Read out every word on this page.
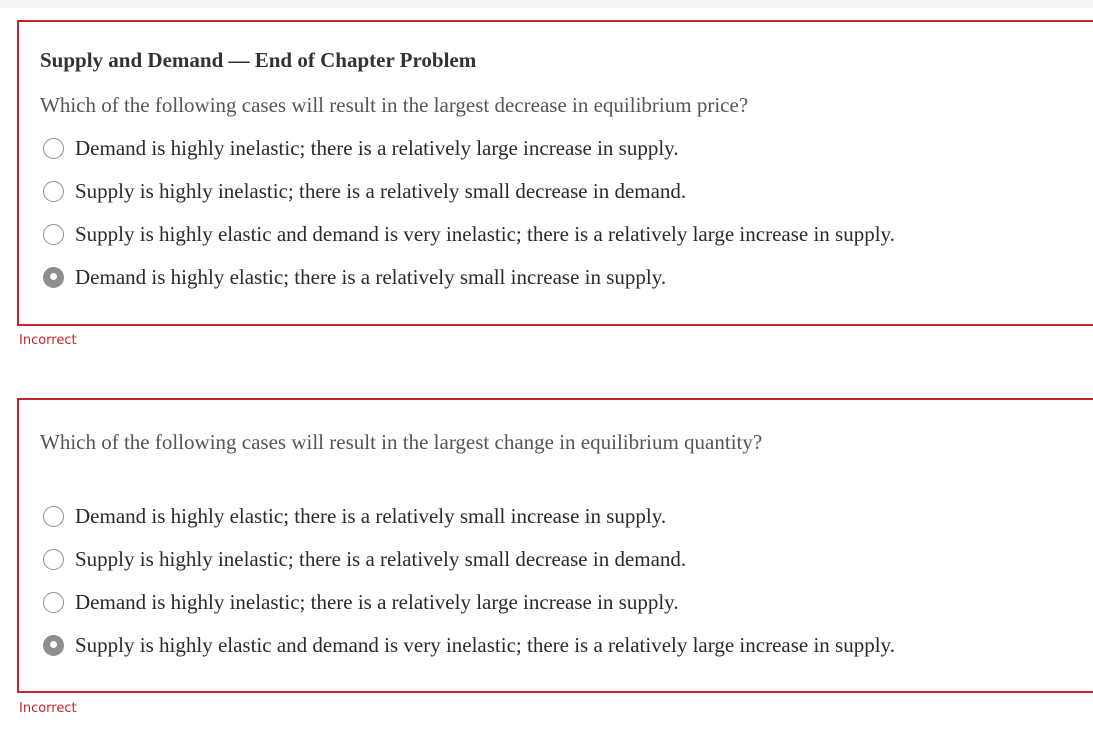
Supply and Demand — End of Chapter Problem
Which of the following cases will result in the largest decrease in equilibrium price?
Demand is highly inelastic; there is a relatively large increase in supply.
Supply is highly inelastic; there is a relatively small decrease in demand.
Supply is highly elastic and demand is very inelastic; there is a relatively large increase in supply.
Demand is highly elastic; there is a relatively small increase in supply.
Incorrect
Which of the following cases will result in the largest change in equilibrium quantity?
Demand is highly elastic; there is a relatively small increase in supply.
Supply is highly inelastic; there is a relatively small decrease in demand.
Demand is highly inelastic; there is a relatively large increase in supply.
Supply is highly elastic and demand is very inelastic; there is a relatively large increase in supply.
Incorrect
